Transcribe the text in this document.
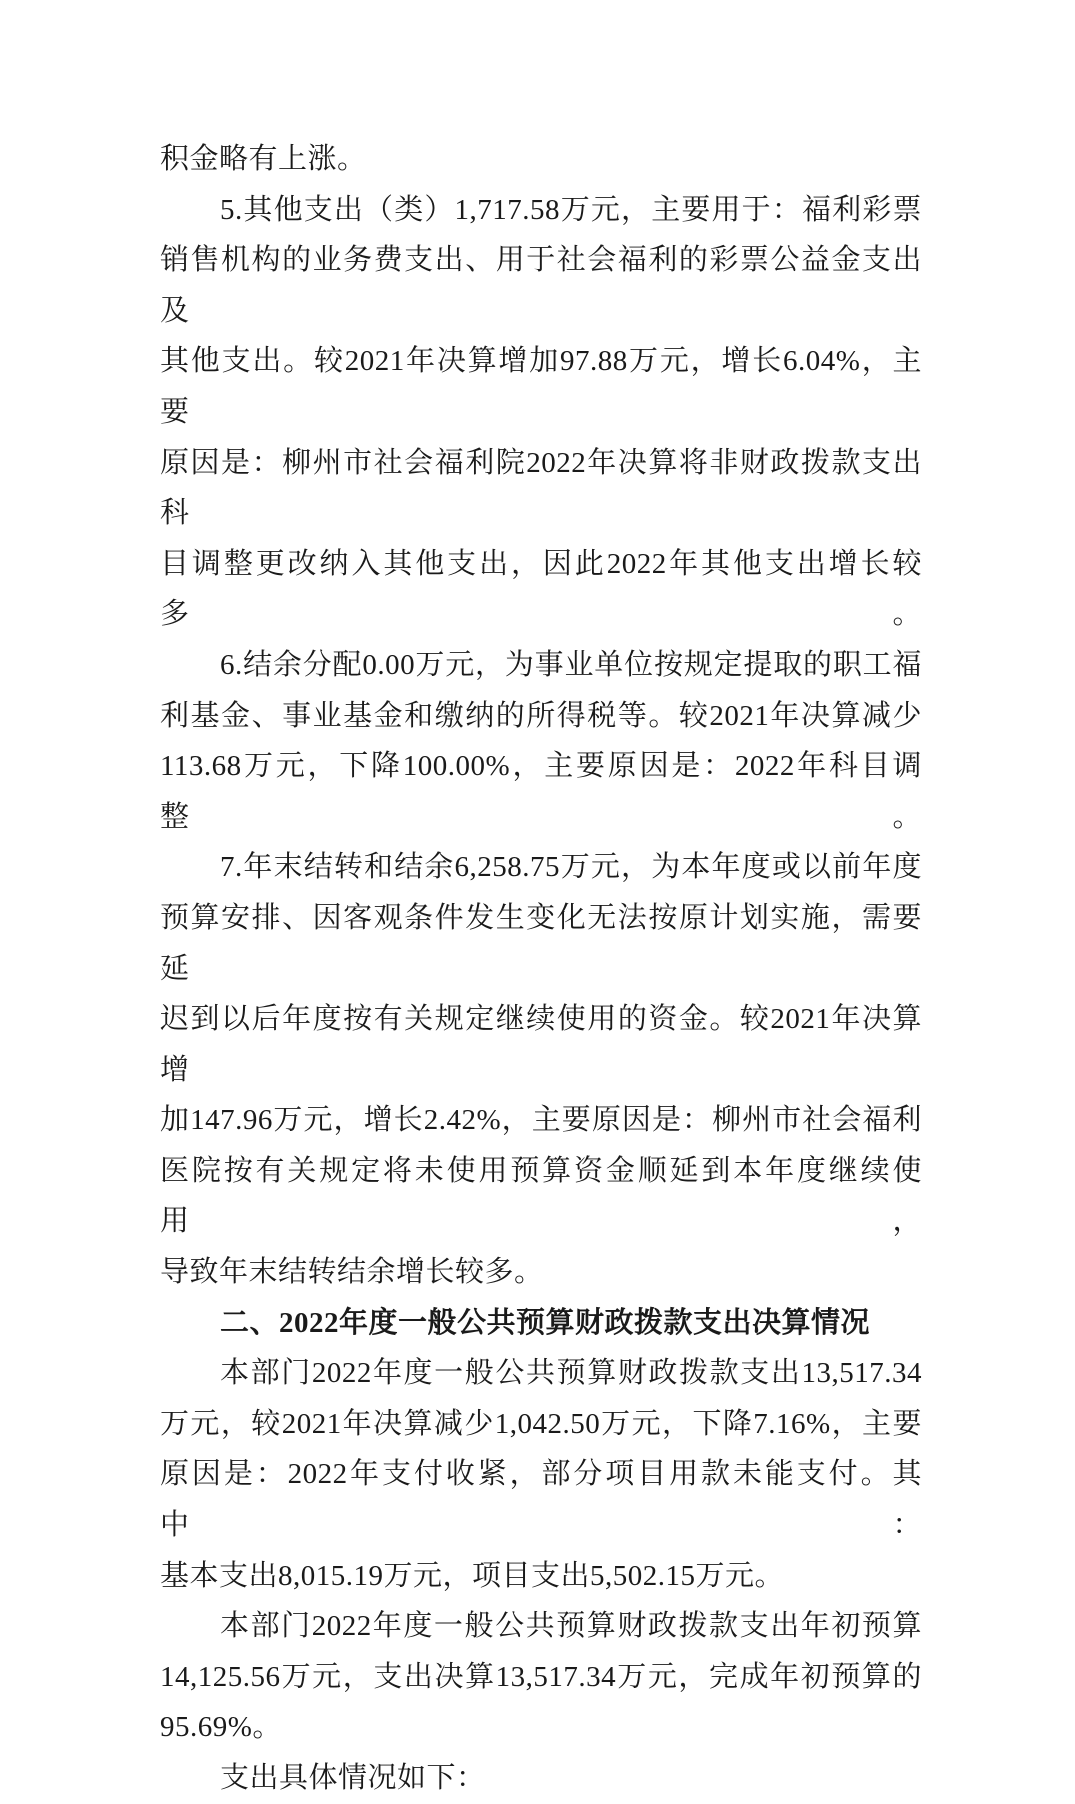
积金略有上涨。
5.其他支出（类）1,717.58万元，主要用于：福利彩票
销售机构的业务费支出、用于社会福利的彩票公益金支出及
其他支出。较2021年决算增加97.88万元，增长6.04%，主要
原因是：柳州市社会福利院2022年决算将非财政拨款支出科
目调整更改纳入其他支出，因此2022年其他支出增长较多。
6.结余分配0.00万元，为事业单位按规定提取的职工福
利基金、事业基金和缴纳的所得税等。较2021年决算减少
113.68万元，下降100.00%，主要原因是：2022年科目调整。
7.年末结转和结余6,258.75万元，为本年度或以前年度
预算安排、因客观条件发生变化无法按原计划实施，需要延
迟到以后年度按有关规定继续使用的资金。较2021年决算增
加147.96万元，增长2.42%，主要原因是：柳州市社会福利
医院按有关规定将未使用预算资金顺延到本年度继续使用，
导致年末结转结余增长较多。
二、2022年度一般公共预算财政拨款支出决算情况
本部门2022年度一般公共预算财政拨款支出13,517.34
万元，较2021年决算减少1,042.50万元，下降7.16%，主要
原因是：2022年支付收紧，部分项目用款未能支付。其中：
基本支出8,015.19万元，项目支出5,502.15万元。
本部门2022年度一般公共预算财政拨款支出年初预算
14,125.56万元，支出决算13,517.34万元，完成年初预算的
95.69%。
支出具体情况如下：
